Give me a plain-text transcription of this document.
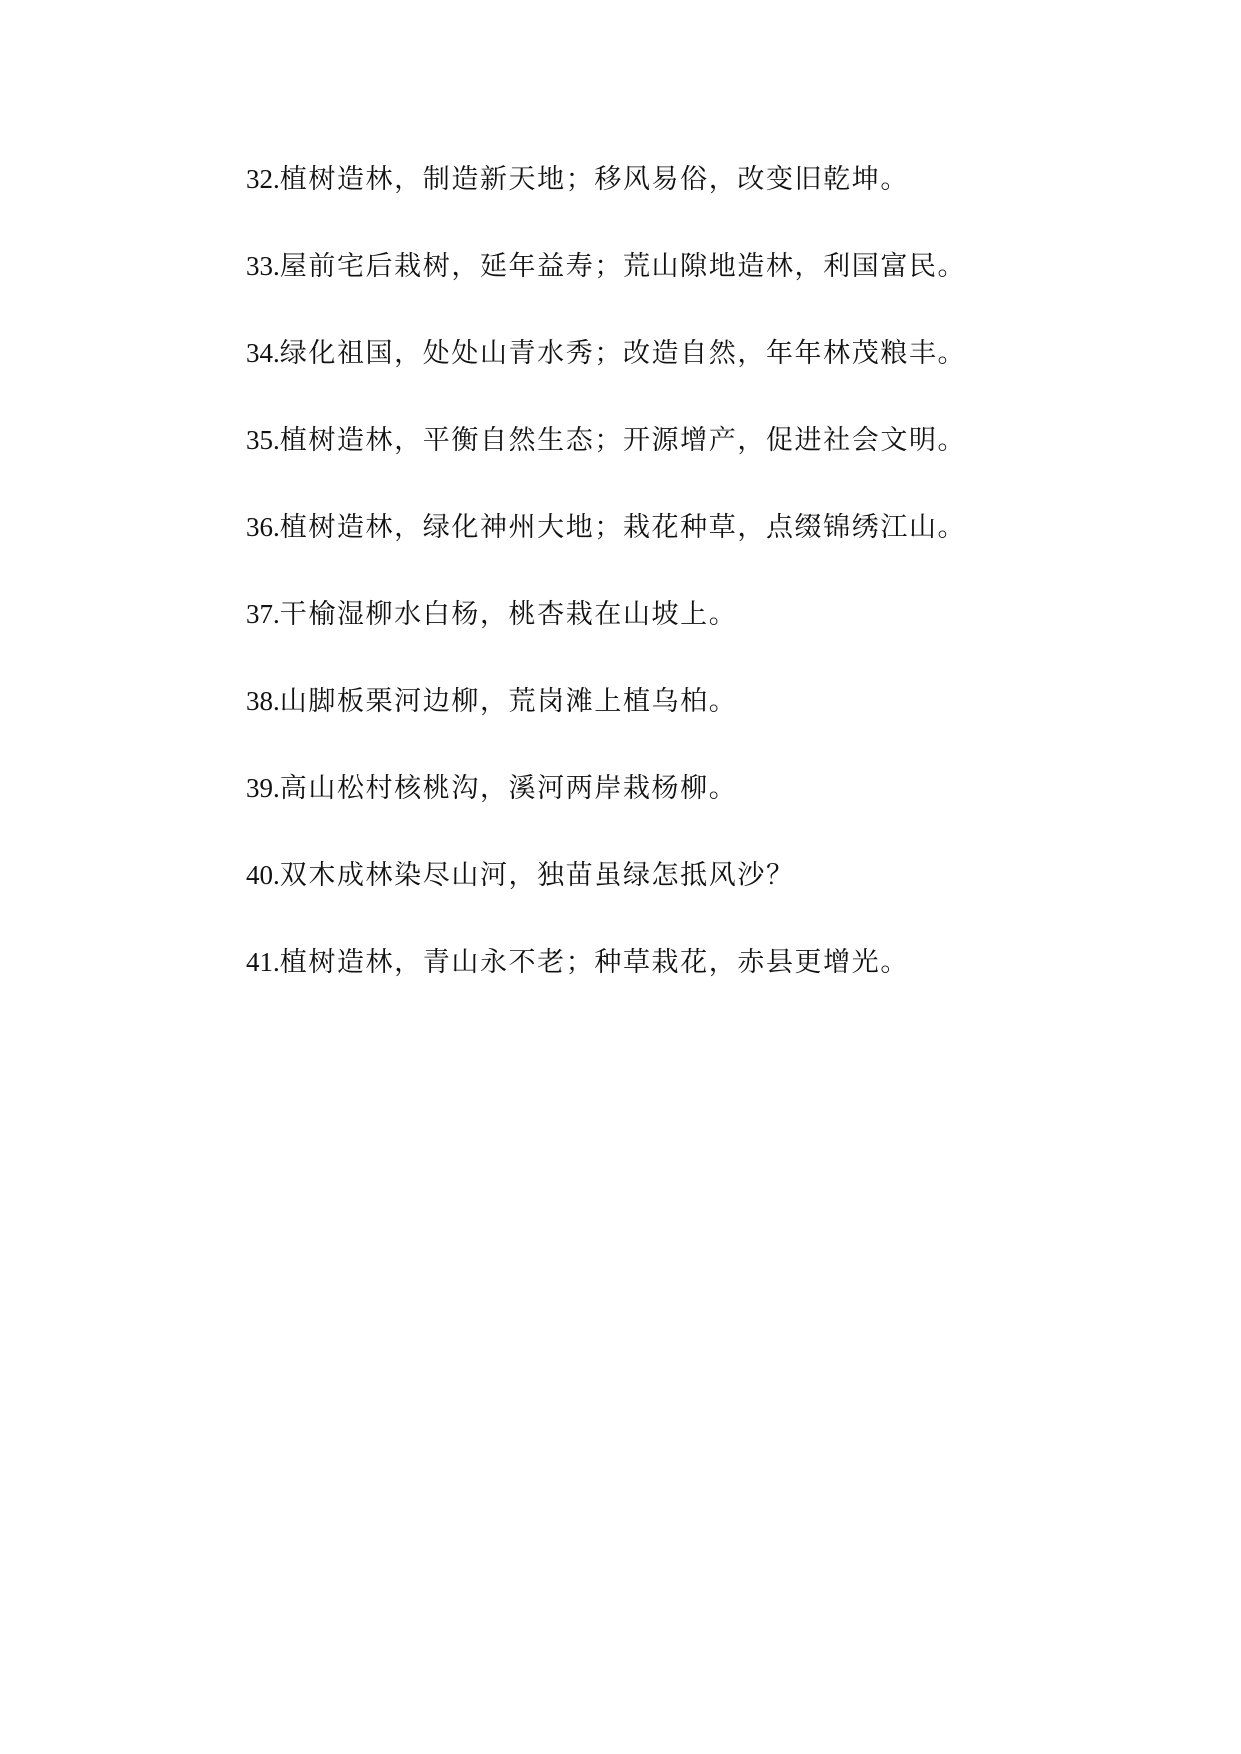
32.植树造林，制造新天地；移风易俗，改变旧乾坤。
33.屋前宅后栽树，延年益寿；荒山隙地造林，利国富民。
34.绿化祖国，处处山青水秀；改造自然，年年林茂粮丰。
35.植树造林，平衡自然生态；开源增产，促进社会文明。
36.植树造林，绿化神州大地；栽花种草，点缀锦绣江山。
37.干榆湿柳水白杨，桃杏栽在山坡上。
38.山脚板栗河边柳，荒岗滩上植乌柏。
39.高山松村核桃沟，溪河两岸栽杨柳。
40.双木成林染尽山河，独苗虽绿怎抵风沙？
41.植树造林，青山永不老；种草栽花，赤县更增光。
